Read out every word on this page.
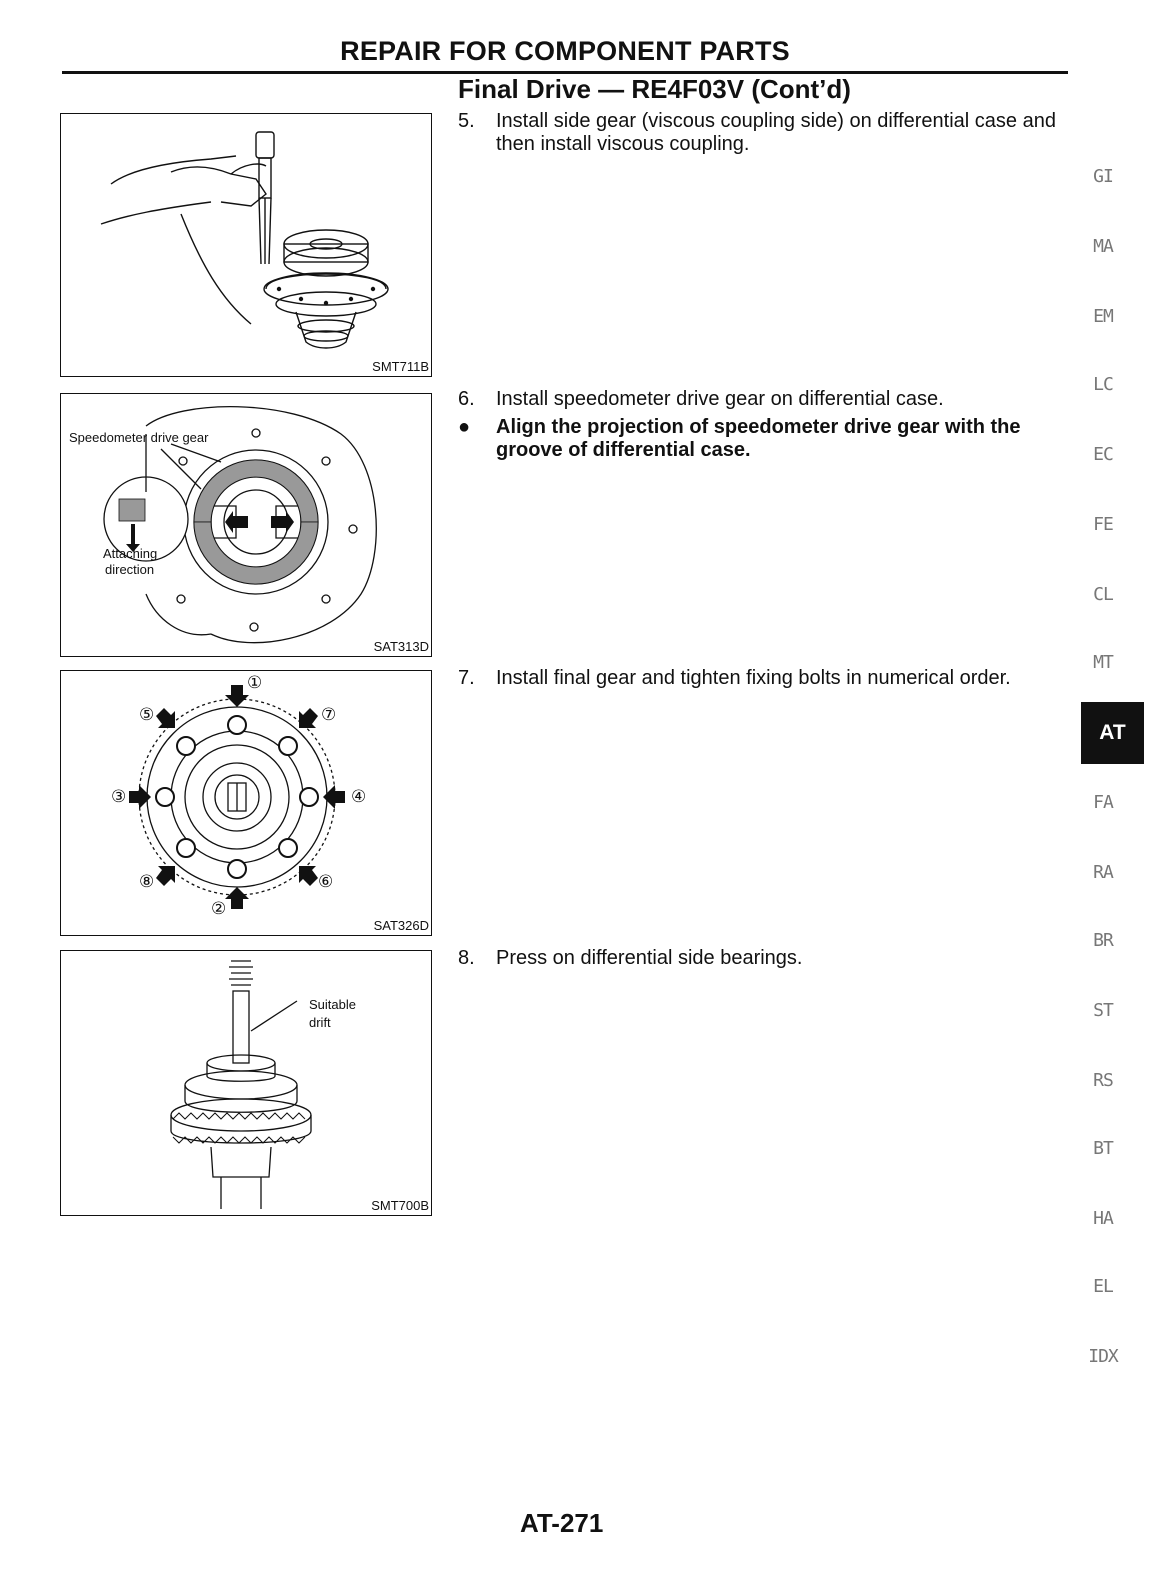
REPAIR FOR COMPONENT PARTS
Final Drive — RE4F03V (Cont’d)
SMT711B
Speedometer drive gear
Attaching
direction
SAT313D
①
②
③	④
⑤
⑥
⑦
⑧
SAT326D
Suitable
drift
SMT700B
5. Install side gear (viscous coupling side) on differential case and then install viscous coupling.
6. Install speedometer drive gear on differential case.
● Align the projection of speedometer drive gear with the groove of differential case.
7. Install final gear and tighten fixing bolts in numerical order.
8. Press on differential side bearings.
GI
MA
EM
LC
EC
FE
CL
MT
AT
FA
RA
BR
ST
RS
BT
HA
EL
IDX
AT-271
